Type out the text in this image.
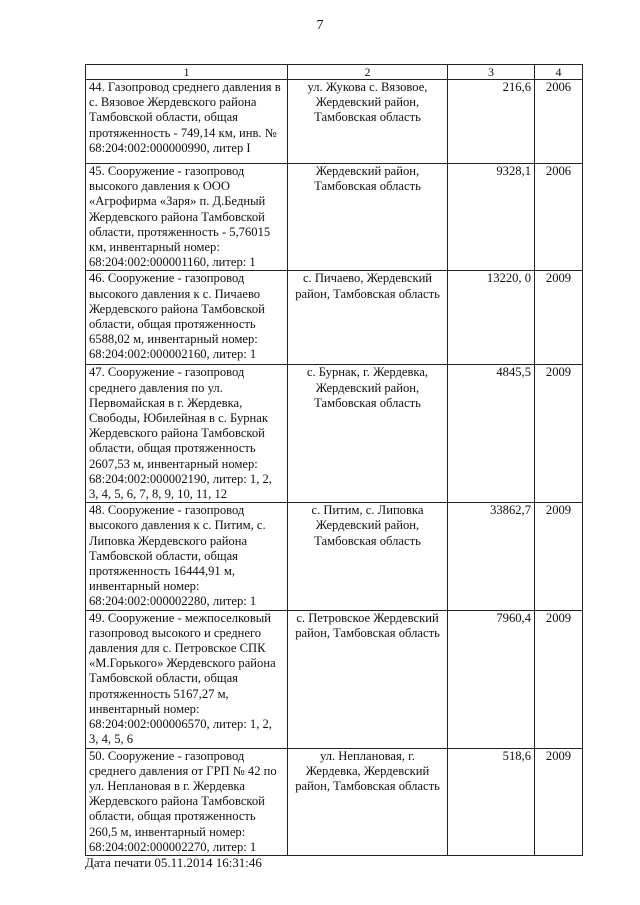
7
1	2	3	4
44. Газопровод среднего давления в с. Вязовое Жердевского района Тамбовской области, общая протяженность - 749,14 км, инв. № 68:204:002:000000990, литер I	ул. Жукова с. Вязовое, Жердевский район, Тамбовская область	216,6	2006
45. Сооружение - газопровод высокого давления к ООО «Агрофирма «Заря» п. Д.Бедный Жердевского района Тамбовской области, протяженность - 5,76015 км, инвентарный номер: 68:204:002:000001160, литер: 1	Жердевский район, Тамбовская область	9328,1	2006
46. Сооружение - газопровод высокого давления к с. Пичаево Жердевского района Тамбовской области, общая протяженность 6588,02 м, инвентарный номер: 68:204:002:000002160, литер: 1	с. Пичаево, Жердевский район, Тамбовская область	13220, 0	2009
47. Сооружение - газопровод среднего давления по ул. Первомайская в г. Жердевка, Свободы, Юбилейная в с. Бурнак Жердевского района Тамбовской области, общая протяженность 2607,53 м, инвентарный номер: 68:204:002:000002190, литер: 1, 2, 3, 4, 5, 6, 7, 8, 9, 10, 11, 12	с. Бурнак, г. Жердевка, Жердевский район, Тамбовская область	4845,5	2009
48. Сооружение - газопровод высокого давления к с. Питим, с. Липовка Жердевского района Тамбовской области, общая протяженность 16444,91 м, инвентарный номер: 68:204:002:000002280, литер: 1	с. Питим, с. Липовка Жердевский район, Тамбовская область	33862,7	2009
49. Сооружение - межпоселковый газопровод высокого и среднего давления для с. Петровское СПК «М.Горького» Жердевского района Тамбовской области, общая протяженность 5167,27 м, инвентарный номер: 68:204:002:000006570, литер: 1, 2, 3, 4, 5, 6	с. Петровское Жердевский район, Тамбовская область	7960,4	2009
50. Сооружение - газопровод среднего давления от ГРП № 42 по ул. Неплановая в г. Жердевка Жердевского района Тамбовской области, общая протяженность 260,5 м, инвентарный номер: 68:204:002:000002270, литер: 1	ул. Неплановая, г. Жердевка, Жердевский район, Тамбовская область	518,6	2009
Дата печати 05.11.2014 16:31:46
